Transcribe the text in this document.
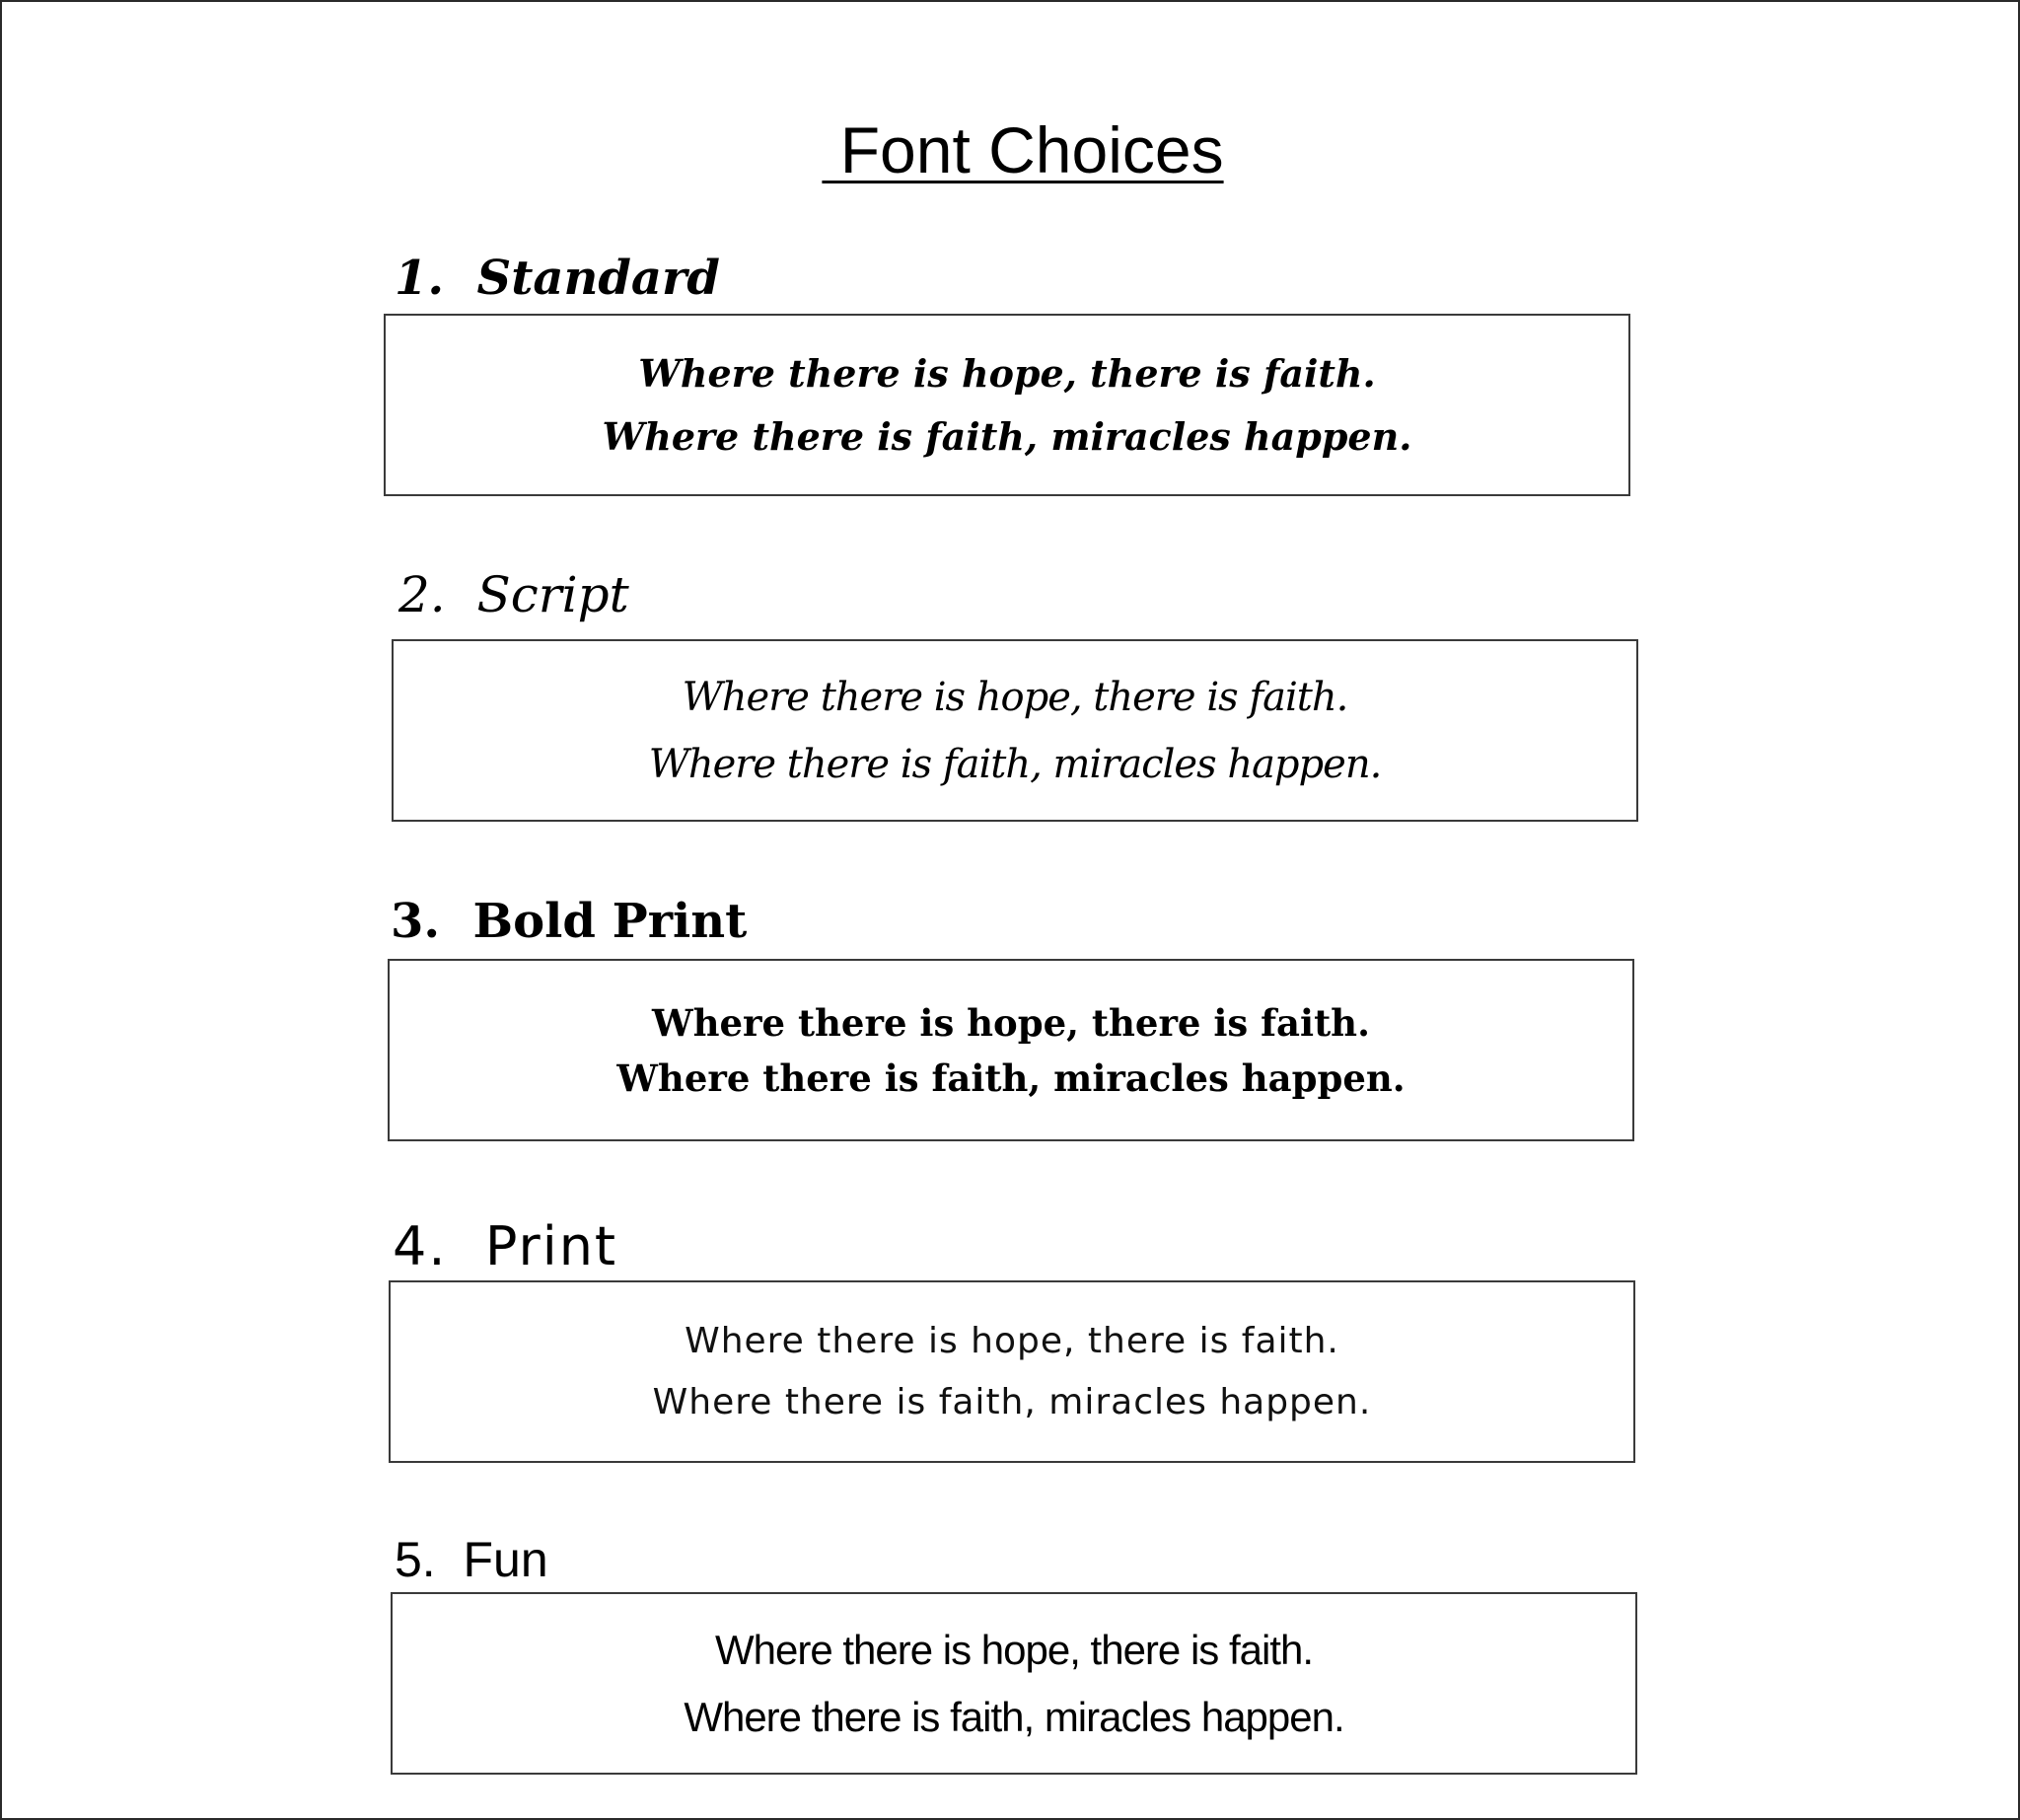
Font Choices
1. Standard
Where there is hope, there is faith.
Where there is faith, miracles happen.
2. Script
Where there is hope, there is faith.
Where there is faith, miracles happen.
3. Bold Print
Where there is hope, there is faith.
Where there is faith, miracles happen.
4. Print
Where there is hope, there is faith.
Where there is faith, miracles happen.
5. Fun
Where there is hope, there is faith.
Where there is faith, miracles happen.
